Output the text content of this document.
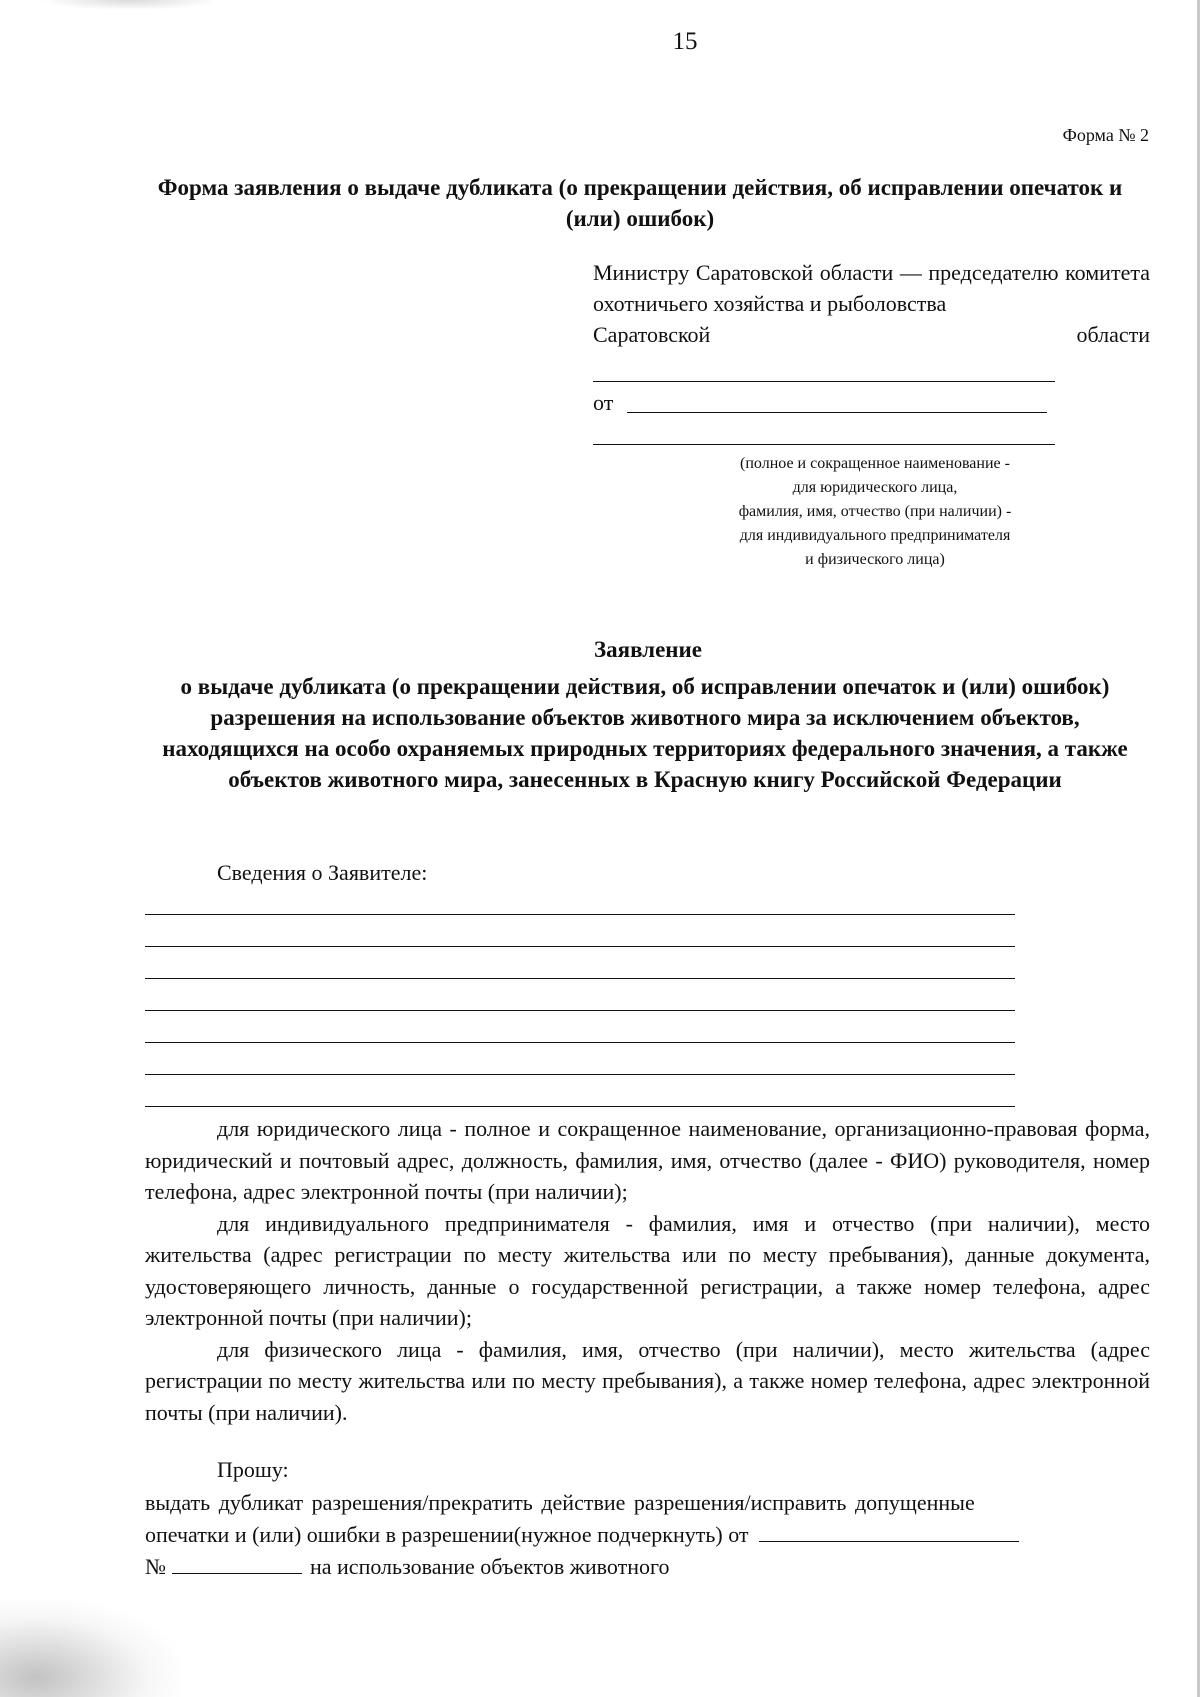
15
Форма № 2
Форма заявления о выдаче дубликата (о прекращении действия, об исправлении опечаток и (или) ошибок)
Министру Саратовской области — председателю комитета охотничьего хозяйства и рыболовства
Саратовской	области
от
(полное и сокращенное наименование -
для юридического лица,
фамилия, имя, отчество (при наличии) -
для индивидуального предпринимателя
и физического лица)
Заявление
о выдаче дубликата (о прекращении действия, об исправлении опечаток и (или) ошибок) разрешения на использование объектов животного мира за исключением объектов, находящихся на особо охраняемых природных территориях федерального значения, а также объектов животного мира, занесенных в Красную книгу Российской Федерации
Сведения о Заявителе:
для юридического лица - полное и сокращенное наименование, организационно-правовая форма, юридический и почтовый адрес, должность, фамилия, имя, отчество (далее - ФИО) руководителя, номер телефона, адрес электронной почты (при наличии);
для индивидуального предпринимателя - фамилия, имя и отчество (при наличии), место жительства (адрес регистрации по месту жительства или по месту пребывания), данные документа, удостоверяющего личность, данные о государственной регистрации, а также номер телефона, адрес электронной почты (при наличии);
для физического лица - фамилия, имя, отчество (при наличии), место жительства (адрес регистрации по месту жительства или по месту пребывания), а также номер телефона, адрес электронной почты (при наличии).
Прошу:
выдать дубликат разрешения/прекратить действие разрешения/исправить допущенные
опечатки и (или) ошибки в разрешении(нужное подчеркнуть) от
№	на использование объектов животного
